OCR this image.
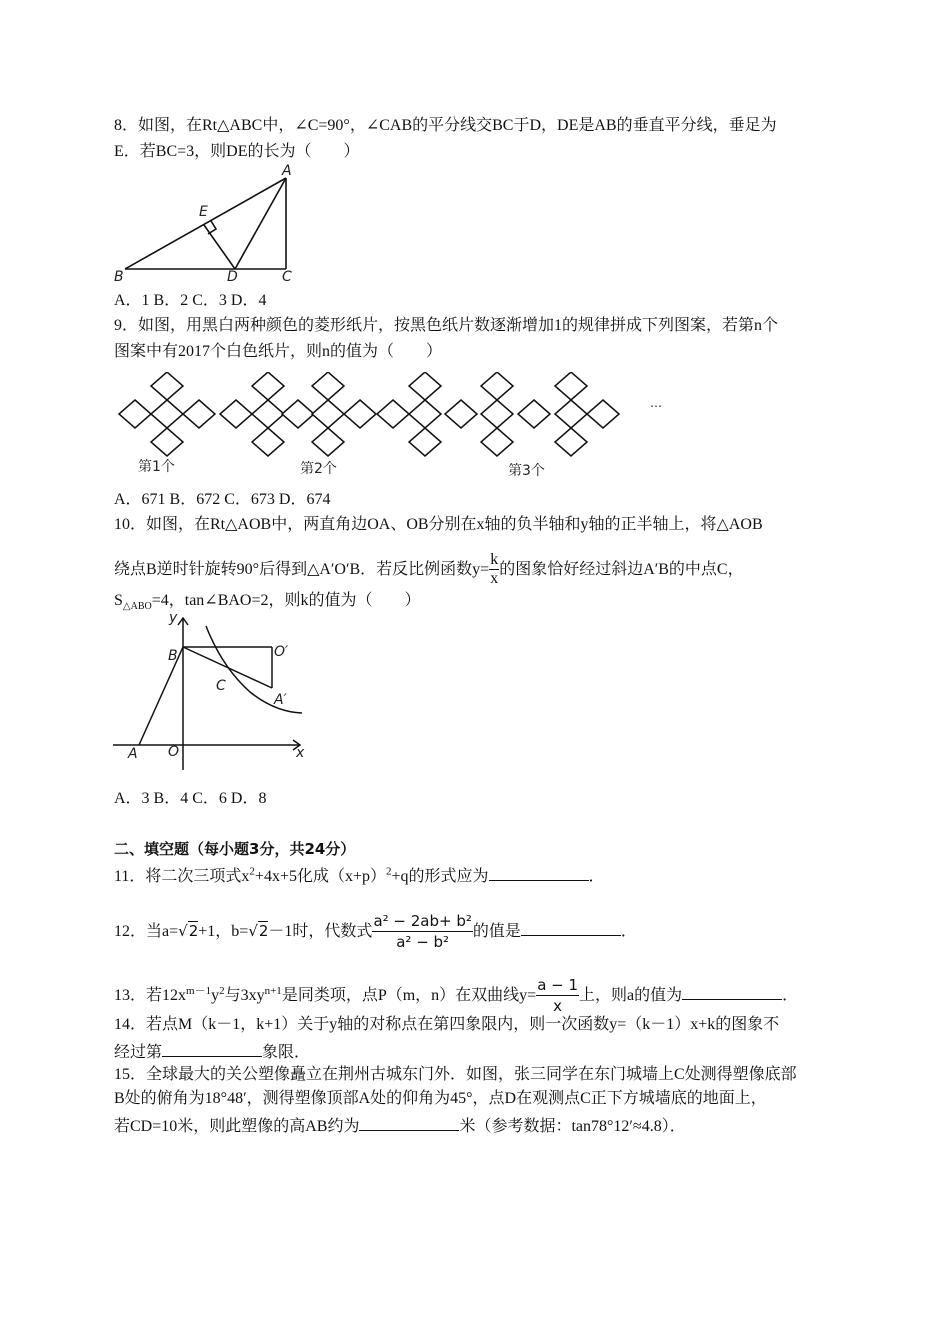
8．如图，在Rt△ABC中，∠C=90°，∠CAB的平分线交BC于D，DE是AB的垂直平分线，垂足为
E．若BC=3，则DE的长为（　　）
A
E
B	D	C
A．1 B．2 C．3 D．4
9．如图，用黑白两种颜色的菱形纸片，按黑色纸片数逐渐增加1的规律拼成下列图案，若第n个
图案中有2017个白色纸片，则n的值为（　　）
…
第1个	第2个	第3个
A．671 B．672 C．673 D．674
10．如图，在Rt△AOB中，两直角边OA、OB分别在x轴的负半轴和y轴的正半轴上，将△AOB
绕点B逆时针旋转90°后得到△A′O′B．若反比例函数$y= \frac{k}{x}$ 的图象恰好经过斜边A′B的中点C，
$S_{\triangle ABO}=4$，tan∠BAO=2，则k的值为（　　）
y
x
B	O′
C
A′
A O
A．3 B．4 C．6 D．8
二、填空题（每小题3分，共24分）
11．将二次三项式$x^2+4x+5$化成$(x+p)^2+q$的形式应为	．
12．当a=√2+1，b=√2－1时，代数式 $\frac{\text{a² − 2ab+ b²}}{\text{a² − b²}}$ 的值是	．
13．若$12x^{m-1}y^2$与$3xy^{n+1}$是同类项，点P（m，n）在双曲线$y= \frac{a - 1}{x}$ 上，则a的值为	．
14．若点M（k－1，k+1）关于y轴的对称点在第四象限内，则一次函数y=（k－1）x+k的图象不
经过第	象限．
15．全球最大的关公塑像矗立在荆州古城东门外．如图，张三同学在东门城墙上C处测得塑像底部
B处的俯角为18°48′，测得塑像顶部A处的仰角为45°，点D在观测点C正下方城墙底的地面上，
若CD=10米，则此塑像的高AB约为	米（参考数据：tan78°12′≈4.8）．
